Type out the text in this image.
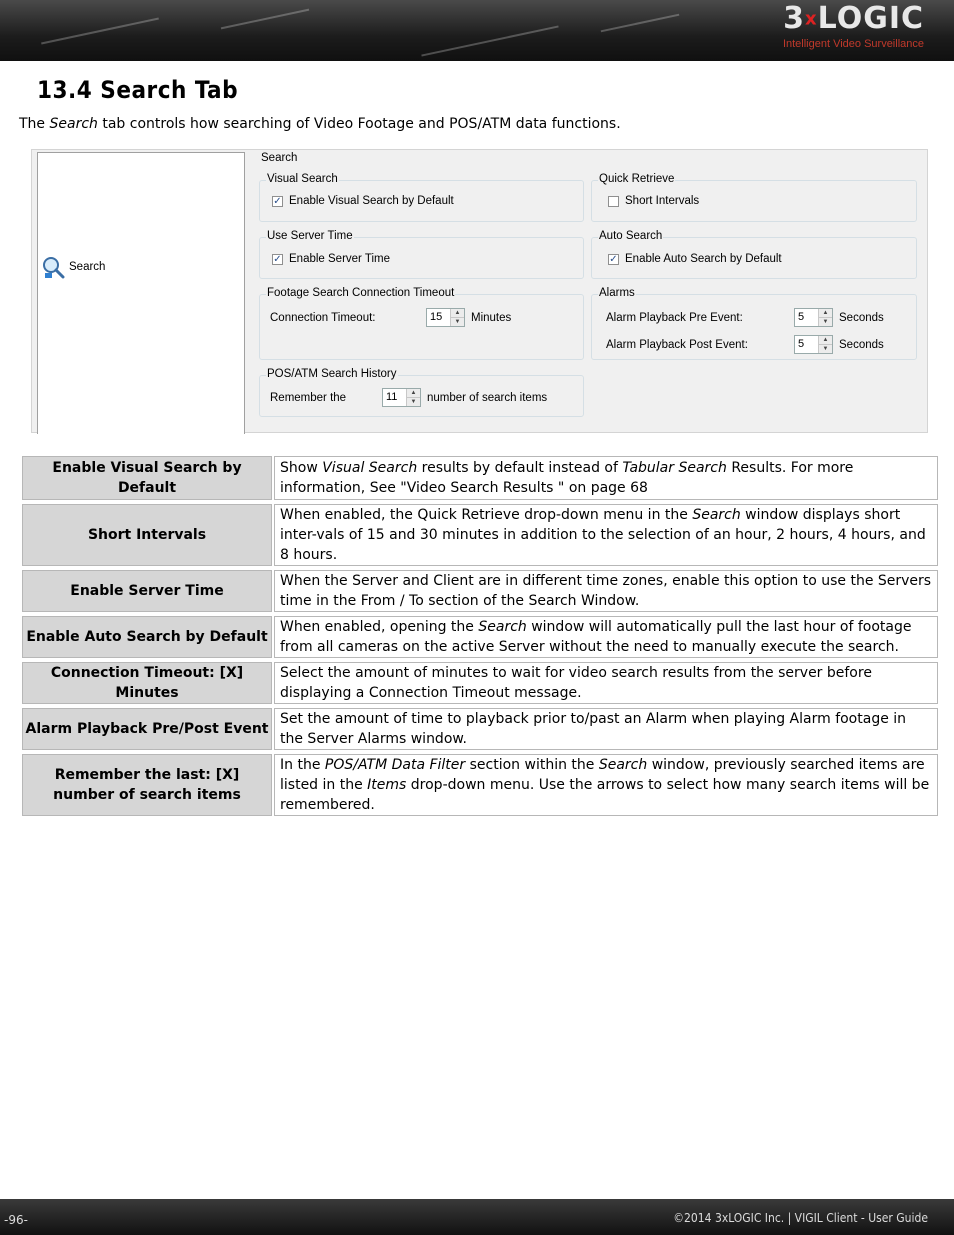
3xLOGIC
Intelligent Video Surveillance
13.4 Search Tab

The Search tab controls how searching of Video Footage and POS/ATM data functions.

Search
Search
Visual Search
✓ Enable Visual Search by Default
Quick Retrieve
Short Intervals
Use Server Time
✓ Enable Server Time
Auto Search
✓ Enable Auto Search by Default
Footage Search Connection Timeout
Connection Timeout:	15	▲
▼ Minutes
Alarms
Alarm Playback Pre Event:	5	▲
▼ Seconds
Alarm Playback Post Event:	5	▲
▼ Seconds
POS/ATM Search History
Remember the	11	▲
▼ number of search items
Enable Visual Search by Default	Show Visual Search results by default instead of Tabular Search Results. For more information, See "Video Search Results " on page 68
Short Intervals	When enabled, the Quick Retrieve drop-down menu in the Search window displays short inter-vals of 15 and 30 minutes in addition to the selection of an hour, 2 hours, 4 hours, and 8 hours.
Enable Server Time	When the Server and Client are in different time zones, enable this option to use the Servers time in the From / To section of the Search Window.
Enable Auto Search by Default	When enabled, opening the Search window will automatically pull the last hour of footage from all cameras on the active Server without the need to manually execute the search.
Connection Timeout: [X] Minutes	Select the amount of minutes to wait for video search results from the server before displaying a Connection Timeout message.
Alarm Playback Pre/Post Event	Set the amount of time to playback prior to/past an Alarm when playing Alarm footage in the Server Alarms window.
Remember the last: [X] number of search items	In the POS/ATM Data Filter section within the Search window, previously searched items are listed in the Items drop-down menu. Use the arrows to select how many search items will be remembered.
-96-	©2014 3xLOGIC Inc. | VIGIL Client - User Guide
